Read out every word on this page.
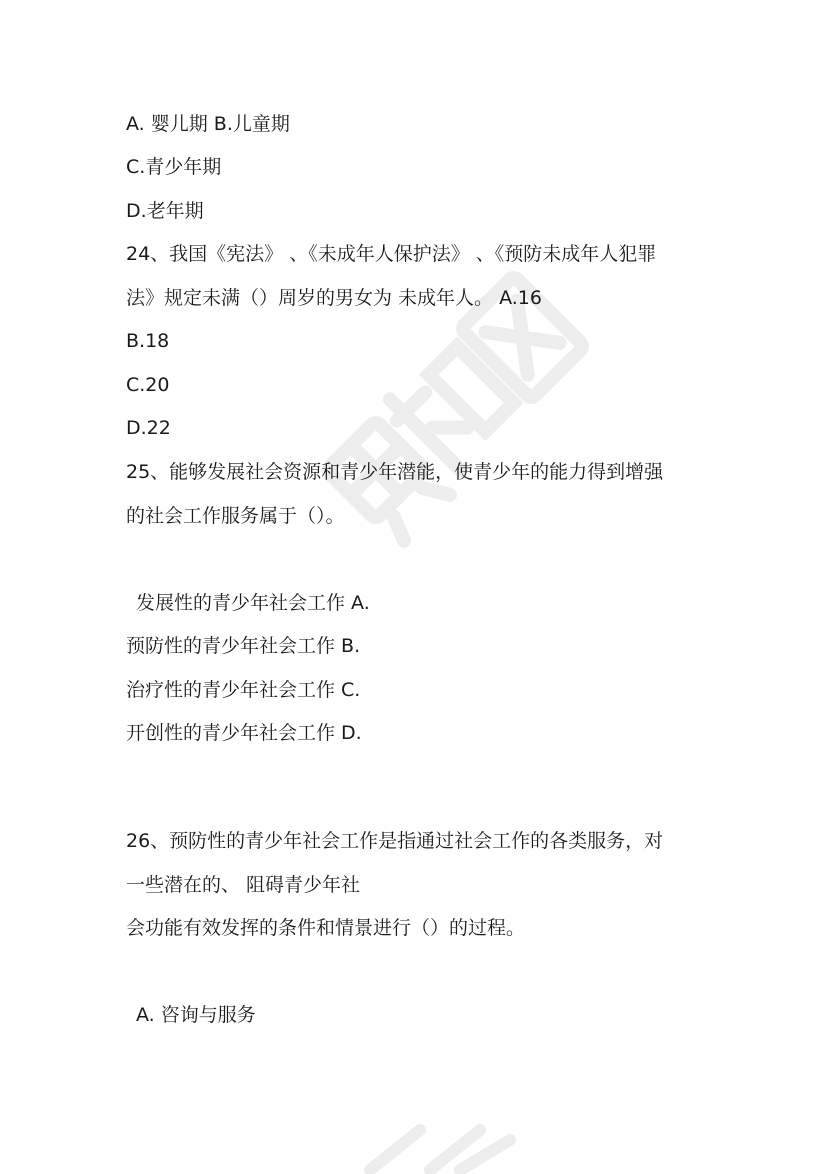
A. 婴儿期 B.儿童期
C.青少年期
D.老年期
24、我国《宪法》 、《未成年人保护法》 、《预防未成年人犯罪
法》规定未满（）周岁的男女为 未成年人。 A.16
B.18
C.20
D.22
25、能够发展社会资源和青少年潜能，使青少年的能力得到增强
的社会工作服务属于（）。
发展性的青少年社会工作 A.
预防性的青少年社会工作 B.
治疗性的青少年社会工作 C.
开创性的青少年社会工作 D.
26、预防性的青少年社会工作是指通过社会工作的各类服务，对
一些潜在的、 阻碍青少年社
会功能有效发挥的条件和情景进行（）的过程。
A. 咨询与服务
